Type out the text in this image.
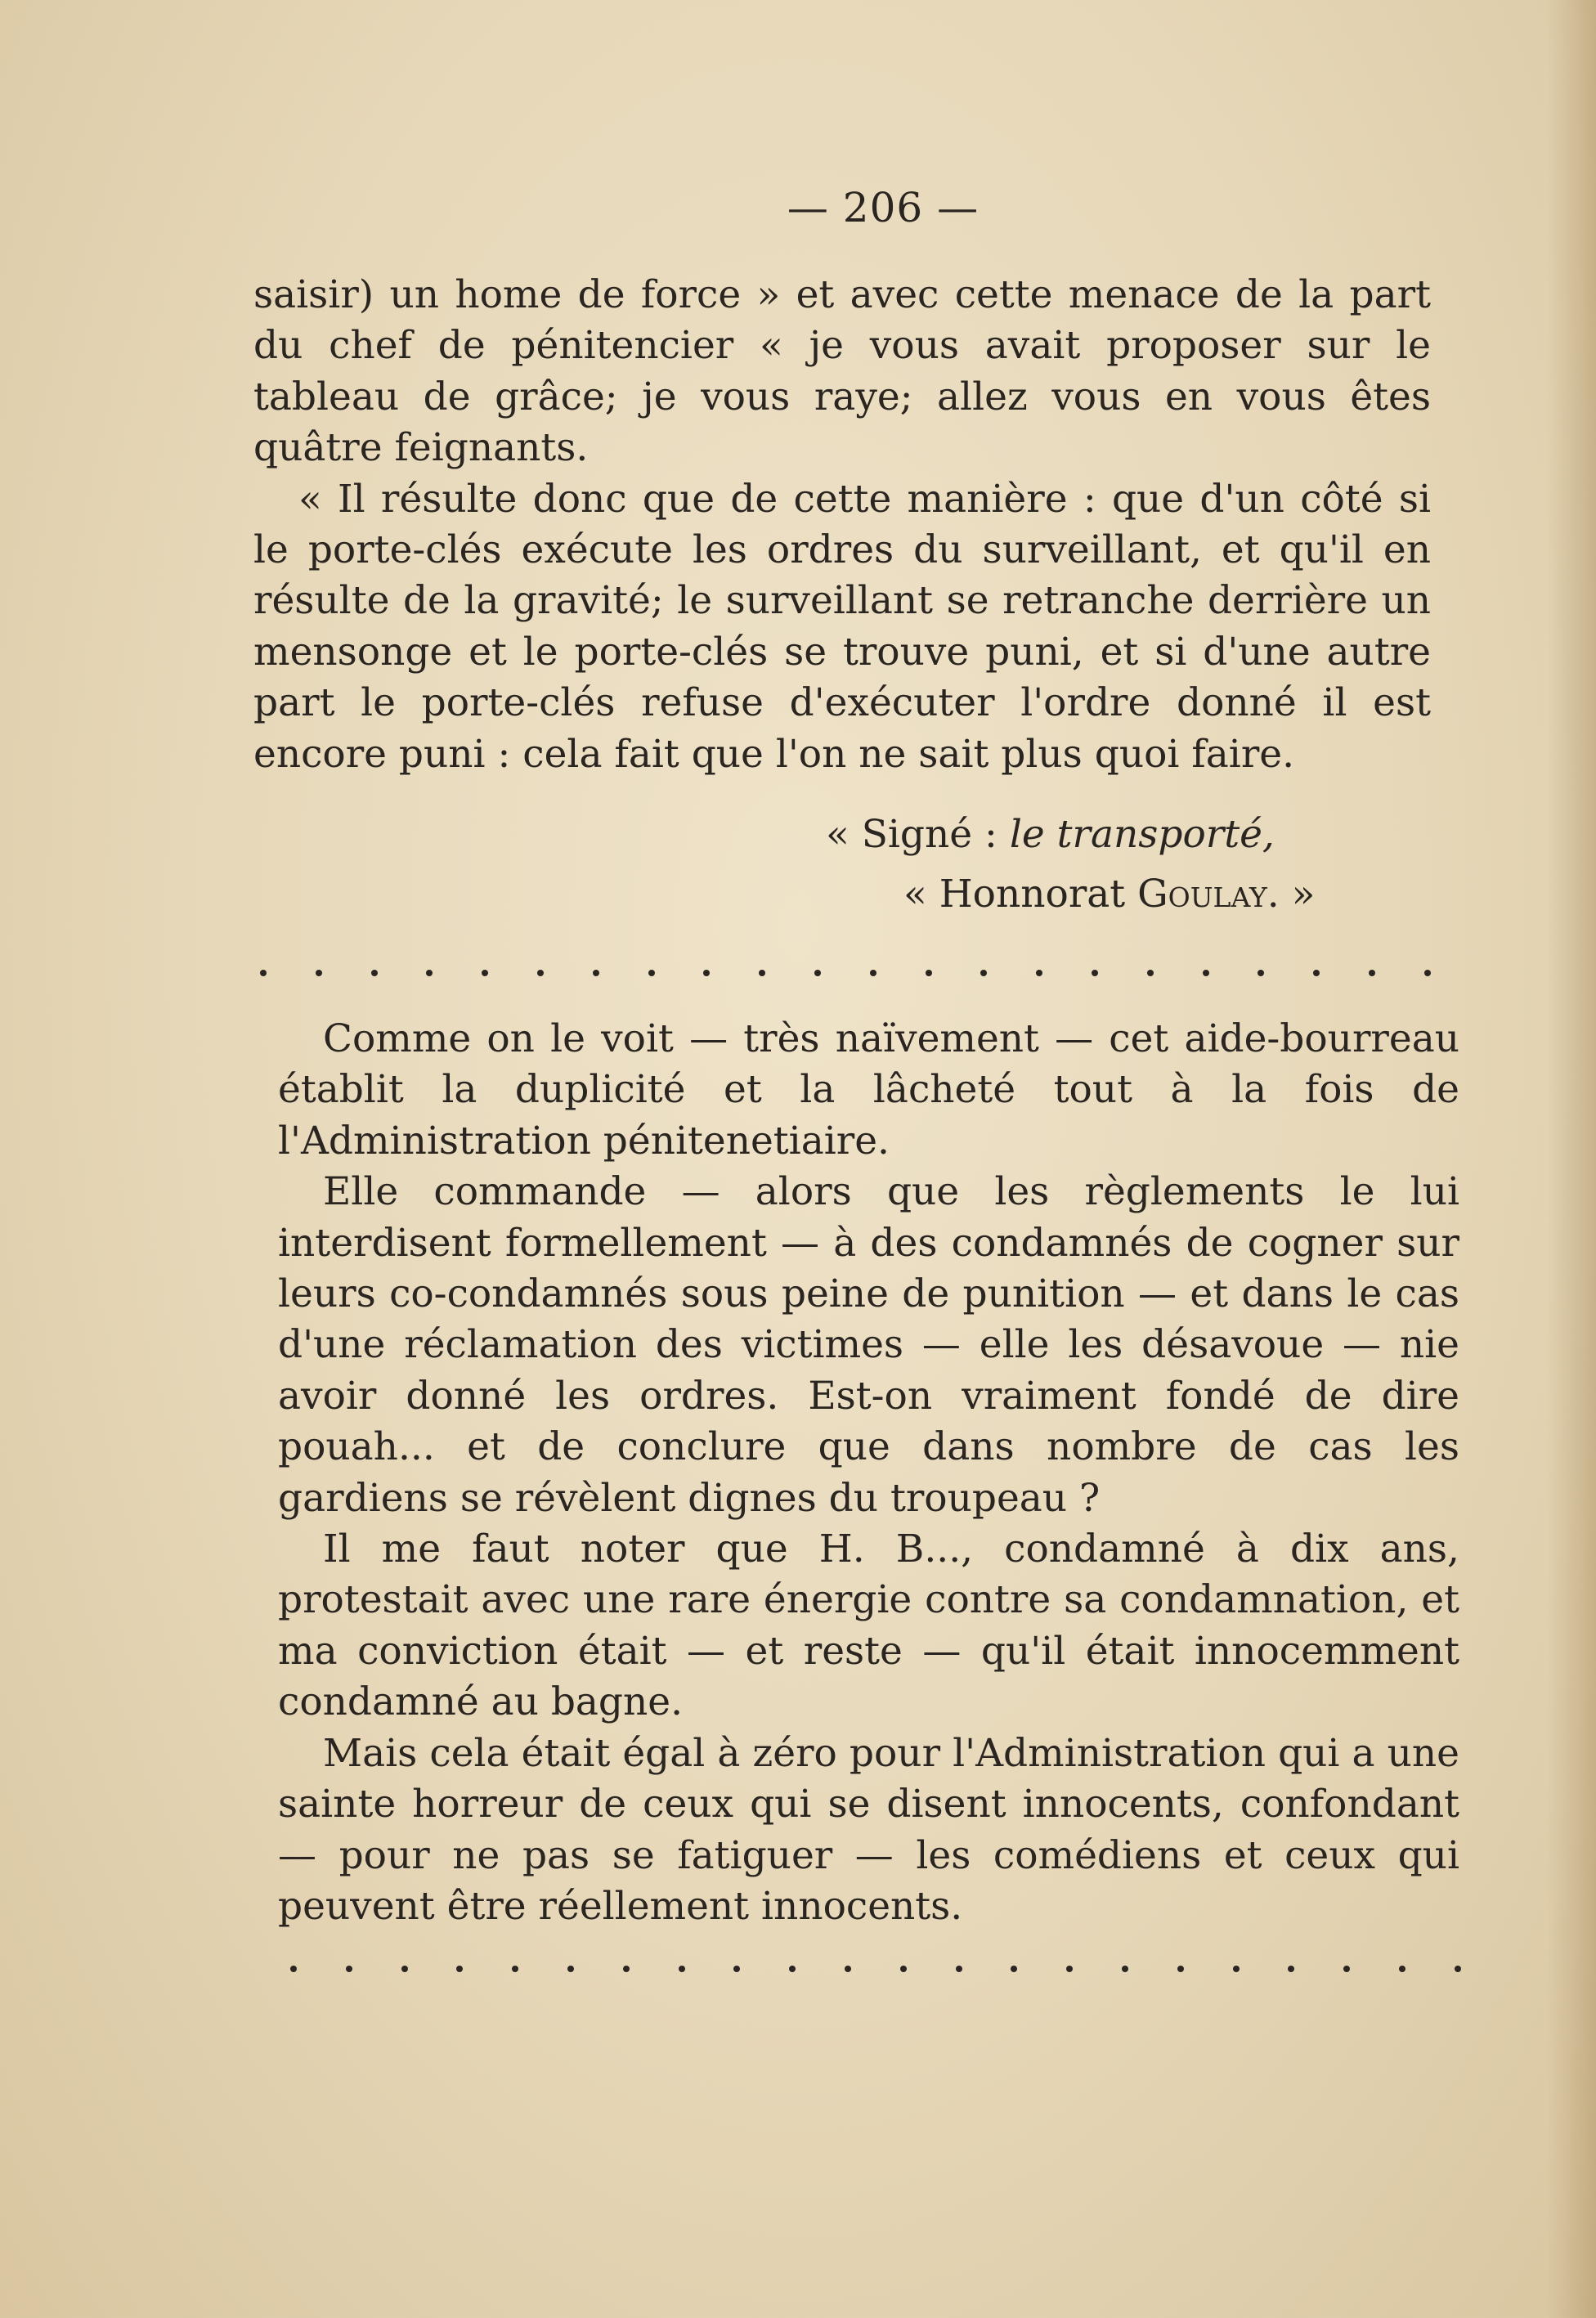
— 206 —

saisir) un home de force » et avec cette menace de la part du chef de pénitencier « je vous avait proposer sur le tableau de grâce; je vous raye; allez vous en vous êtes quâtre feignants.

« Il résulte donc que de cette manière : que d'un côté si le porte-clés exécute les ordres du surveillant, et qu'il en résulte de la gravité; le surveillant se retranche derrière un mensonge et le porte-clés se trouve puni, et si d'une autre part le porte-clés refuse d'exécuter l'ordre donné il est encore puni : cela fait que l'on ne sait plus quoi faire.

« Signé : le transporté,
« Honnorat Goulay. »

Comme on le voit — très naïvement — cet aide-bourreau établit la duplicité et la lâcheté tout à la fois de l'Administration pénitenetiaire.

Elle commande — alors que les règlements le lui interdisent formellement — à des condamnés de cogner sur leurs co-condamnés sous peine de punition — et dans le cas d'une réclamation des victimes — elle les désavoue — nie avoir donné les ordres. Est-on vraiment fondé de dire pouah... et de conclure que dans nombre de cas les gardiens se révèlent dignes du troupeau ?

Il me faut noter que H. B..., condamné à dix ans, protestait avec une rare énergie contre sa condamnation, et ma conviction était — et reste — qu'il était innocemment condamné au bagne.

Mais cela était égal à zéro pour l'Administration qui a une sainte horreur de ceux qui se disent innocents, confondant — pour ne pas se fatiguer — les comédiens et ceux qui peuvent être réellement innocents.
